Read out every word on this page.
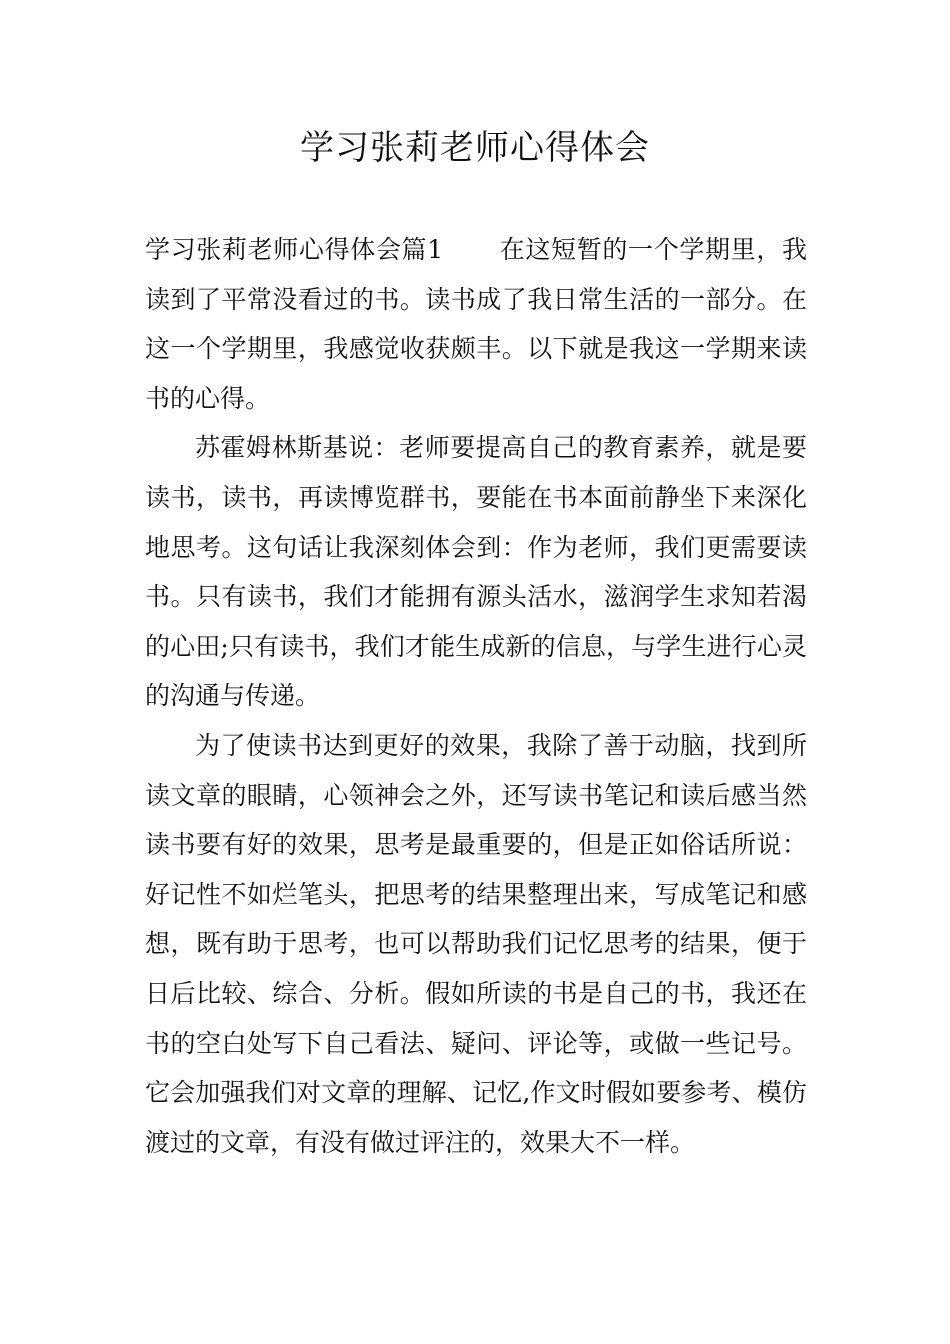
学习张莉老师心得体会

学习张莉老师心得体会篇1 在这短暂的一个学期里，我读到了平常没看过的书。读书成了我日常生活的一部分。在这一个学期里，我感觉收获颇丰。以下就是我这一学期来读书的心得。

苏霍姆林斯基说：老师要提高自己的教育素养，就是要读书，读书，再读博览群书，要能在书本面前静坐下来深化地思考。这句话让我深刻体会到：作为老师，我们更需要读书。只有读书，我们才能拥有源头活水，滋润学生求知若渴的心田;只有读书，我们才能生成新的信息，与学生进行心灵的沟通与传递。

为了使读书达到更好的效果，我除了善于动脑，找到所读文章的眼睛，心领神会之外，还写读书笔记和读后感当然读书要有好的效果，思考是最重要的，但是正如俗话所说：好记性不如烂笔头，把思考的结果整理出来，写成笔记和感想，既有助于思考，也可以帮助我们记忆思考的结果，便于日后比较、综合、分析。假如所读的书是自己的书，我还在书的空白处写下自己看法、疑问、评论等，或做一些记号。它会加强我们对文章的理解、记忆,作文时假如要参考、模仿渡过的文章，有没有做过评注的，效果大不一样。
